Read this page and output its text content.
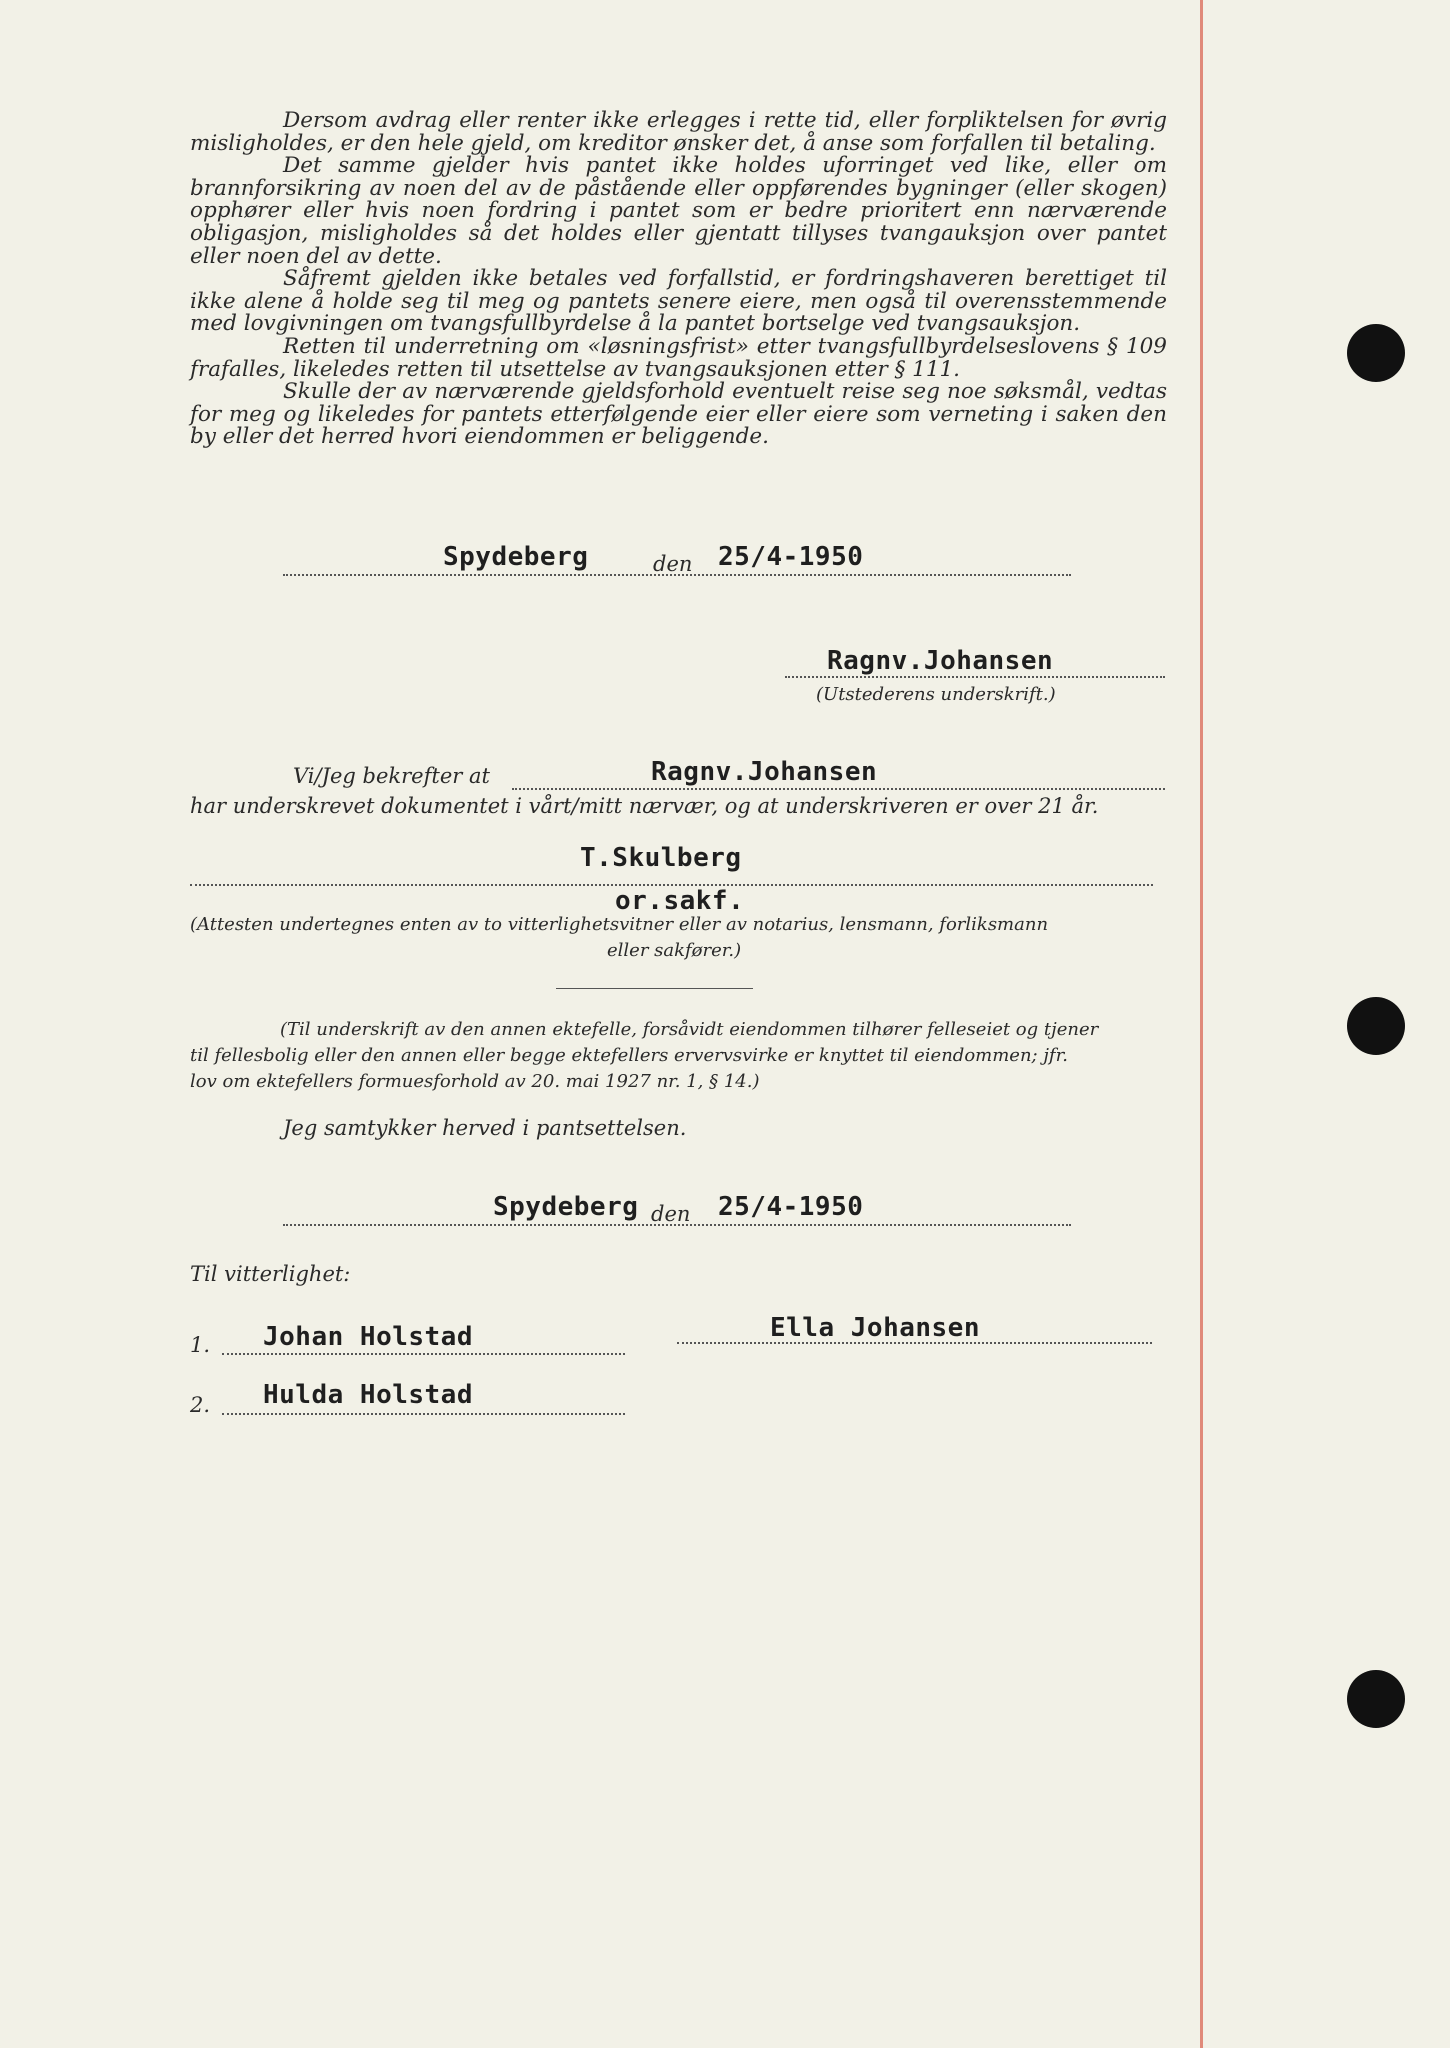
Dersom avdrag eller renter ikke erlegges i rette tid, eller forpliktelsen for øvrig misligholdes, er den hele gjeld, om kreditor ønsker det, å anse som forfallen til betaling.

Det samme gjelder hvis pantet ikke holdes uforringet ved like, eller om brannforsikring av noen del av de påstående eller oppførendes bygninger (eller skogen) opphører eller hvis noen fordring i pantet som er bedre prioritert enn nærværende obligasjon, misligholdes så det holdes eller gjentatt tillyses tvangauksjon over pantet eller noen del av dette.

Såfremt gjelden ikke betales ved forfallstid, er fordringshaveren berettiget til ikke alene å holde seg til meg og pantets senere eiere, men også til overensstemmende med lovgivningen om tvangsfullbyrdelse å la pantet bortselge ved tvangsauksjon.

Retten til underretning om «løsningsfrist» etter tvangsfullbyrdelseslovens § 109 frafalles, likeledes retten til utsettelse av tvangsauksjonen etter § 111.

Skulle der av nærværende gjeldsforhold eventuelt reise seg noe søksmål, vedtas for meg og likeledes for pantets etterfølgende eier eller eiere som verneting i saken den by eller det herred hvori eiendommen er beliggende.

Spydeberg	den 25/4-1950
Ragnv.Johansen
(Utstederens underskrift.)
Vi/Jeg bekrefter at	Ragnv.Johansen
har underskrevet dokumentet i vårt/mitt nærvær, og at underskriveren er over 21 år.
T.Skulberg
or.sakf.
(Attesten undertegnes enten av to vitterlighetsvitner eller av notarius, lensmann, forliksmann
eller sakfører.)
(Til underskrift av den annen ektefelle, forsåvidt eiendommen tilhører felleseiet og tjener
til fellesbolig eller den annen eller begge ektefellers ervervsvirke er knyttet til eiendommen; jfr.
lov om ektefellers formuesforhold av 20. mai 1927 nr. 1, § 14.)
Jeg samtykker herved i pantsettelsen.
Spydeberg den 25/4-1950
Til vitterlighet:
1. Johan Holstad	Ella Johansen
2. Hulda Holstad
